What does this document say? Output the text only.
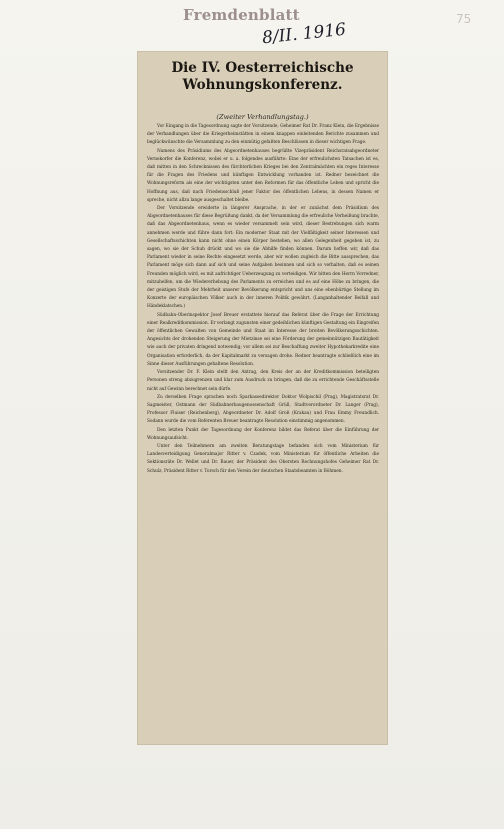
Fremdenblatt
8/II. 1916
75
Die IV. Oesterreichische Wohnungskonferenz.
(Zweiter Verhandlungstag.)

Vor Eingang in die Tagesordnung sagte der Vorsitzende, Geheimer Rat Dr. Franz Klein, die Ergebnisse der Verhandlungen über die Kriegerheimstätten in einem knappen einleitenden Berichte zusammen und beglückwünschte die Versammlung zu den einmütig gefaßten Beschlüssen in dieser wichtigen Frage.

Namens des Präsidiums des Abgeordnetenhauses begrüßte Vizepräsident Reichsratsabgeordneter Vernekorfer die Konferenz, wobei er u. a. folgendes ausführte: Eine der erfreulichsten Tatsachen ist es, daß mitten in den Schrecknissen des fürchterlichen Krieges bei den Zentralmächten ein reges Interesse für die Fragen des Friedens und künftigen Entwicklung vorhanden ist. Redner bezeichnet die Wohnungsreform als eine der wichtigsten unter den Reformen für das öffentliche Leben und spricht die Hoffnung aus, daß nach Friedensschluß jener Faktor des öffentlichen Lebens, in dessen Namen er spreche, nicht allzu lange ausgeschaltet bleibe.

Der Vorsitzende erwiderte in längerer Ansprache, in der er zunächst dem Präsidium des Abgeordnetenhauses für diese Begrüßung dankt, da der Versammlung die erfreuliche Verheißung brachte, daß das Abgeordnetenhaus, wenn es wieder versammelt sein wird, dieser Bestrebungen sich warm annehmen werde und führe dann fort: Ein moderner Staat mit der Vielfältigkeit seiner Interessen und Gesellschaftsschichten kann nicht ohne einen Körper bestehen, wo allen Gelegenheit gegeben ist, zu sagen, wo sie der Schuh drückt und wo sie die Abhilfe finden können. Darum hoffen wir, daß das Parlament wieder in seine Rechte eingesetzt werde, aber wir wollen zugleich die Bitte aussprechen, das Parlament möge sich dann auf sich und seine Aufgaben besinnen und sich so verhalten, daß es seinen Freunden möglich wird, es mit aufrichtiger Ueberzeugung zu verteidigen. Wir bitten den Herrn Vorredner, mitzuhelfen, um die Wiedererhebung des Parlaments zu erreichen und es auf eine Höhe zu bringen, die der geistigen Stufe der Mehrheit unserer Bevölkerung entspricht und uns eine ebenbürtige Stellung im Konzerte der europäischen Völker auch in der inneren Politik gewährt. (Langanhaltender Beifall und Händeklatschen.)

Südbahn-Oberinspektor Josef Breuer erstattete hierauf das Referat über die Frage der Errichtung einer Realkreditkommission. Er verlangt zugunsten einer gedeihlichen künftigen Gestaltung ein Eingreifen der öffentlichen Gewalten von Gemeinde und Staat im Interesse der breiten Bevölkerungsschichten. Angesichts der drohenden Steigerung der Mietzinse sei eine Förderung der gemeinnützigen Bautätigkeit wie auch der privaten dringend notwendig; vor allem sei zur Beschaffung zweiter Hypothekarkredite eine Organisation erforderlich, da der Kapitalmarkt zu versagen drohe. Redner beantragte schließlich eine im Sinne dieser Ausführungen gehaltene Resolution.

Vorsitzender Dr. F. Klein stellt den Antrag, den Kreis der an der Kreditkommission beteiligten Personen streng abzugrenzen und klar zum Ausdruck zu bringen, daß die zu errichtende Geschäftsstelle nicht auf Gewinn berechnet sein dürfe.

Zu derselben Frage sprachen noch Sparkassedirektor Doktor Wolpischil (Prag), Magistratsrat Dr. Sagmeister, Ostmann der Südbahnerbaugenossenschaft Grüll, Stadtverordneter Dr. Langer (Prag), Professor Fluiser (Reichenberg), Abgeordneter Dr. Adolf Groß (Krakau) und Frau Emmy Freundlich. Sodann wurde die vom Referenten Breuer beantragte Resolution einstimmig angenommen.

Den letzten Punkt der Tagesordnung der Konferenz bildet das Referat über die Einführung der Wohnungsaufsicht.

Unter den Teilnehmern am zweiten Beratungstage befanden sich vom Ministerium für Landesverteidigung Generalmajor Ritter v. Czadek, vom Ministerium für öffentliche Arbeiten die Sektionsräte Dr. Wellet und Dr. Bauer, der Präsident des Obersten Rechnungshofes Geheimer Rat Dr. Schulz, Präsident Ritter v. Torsch für den Verein der deutschen Staatsbeamten in Böhmen.
